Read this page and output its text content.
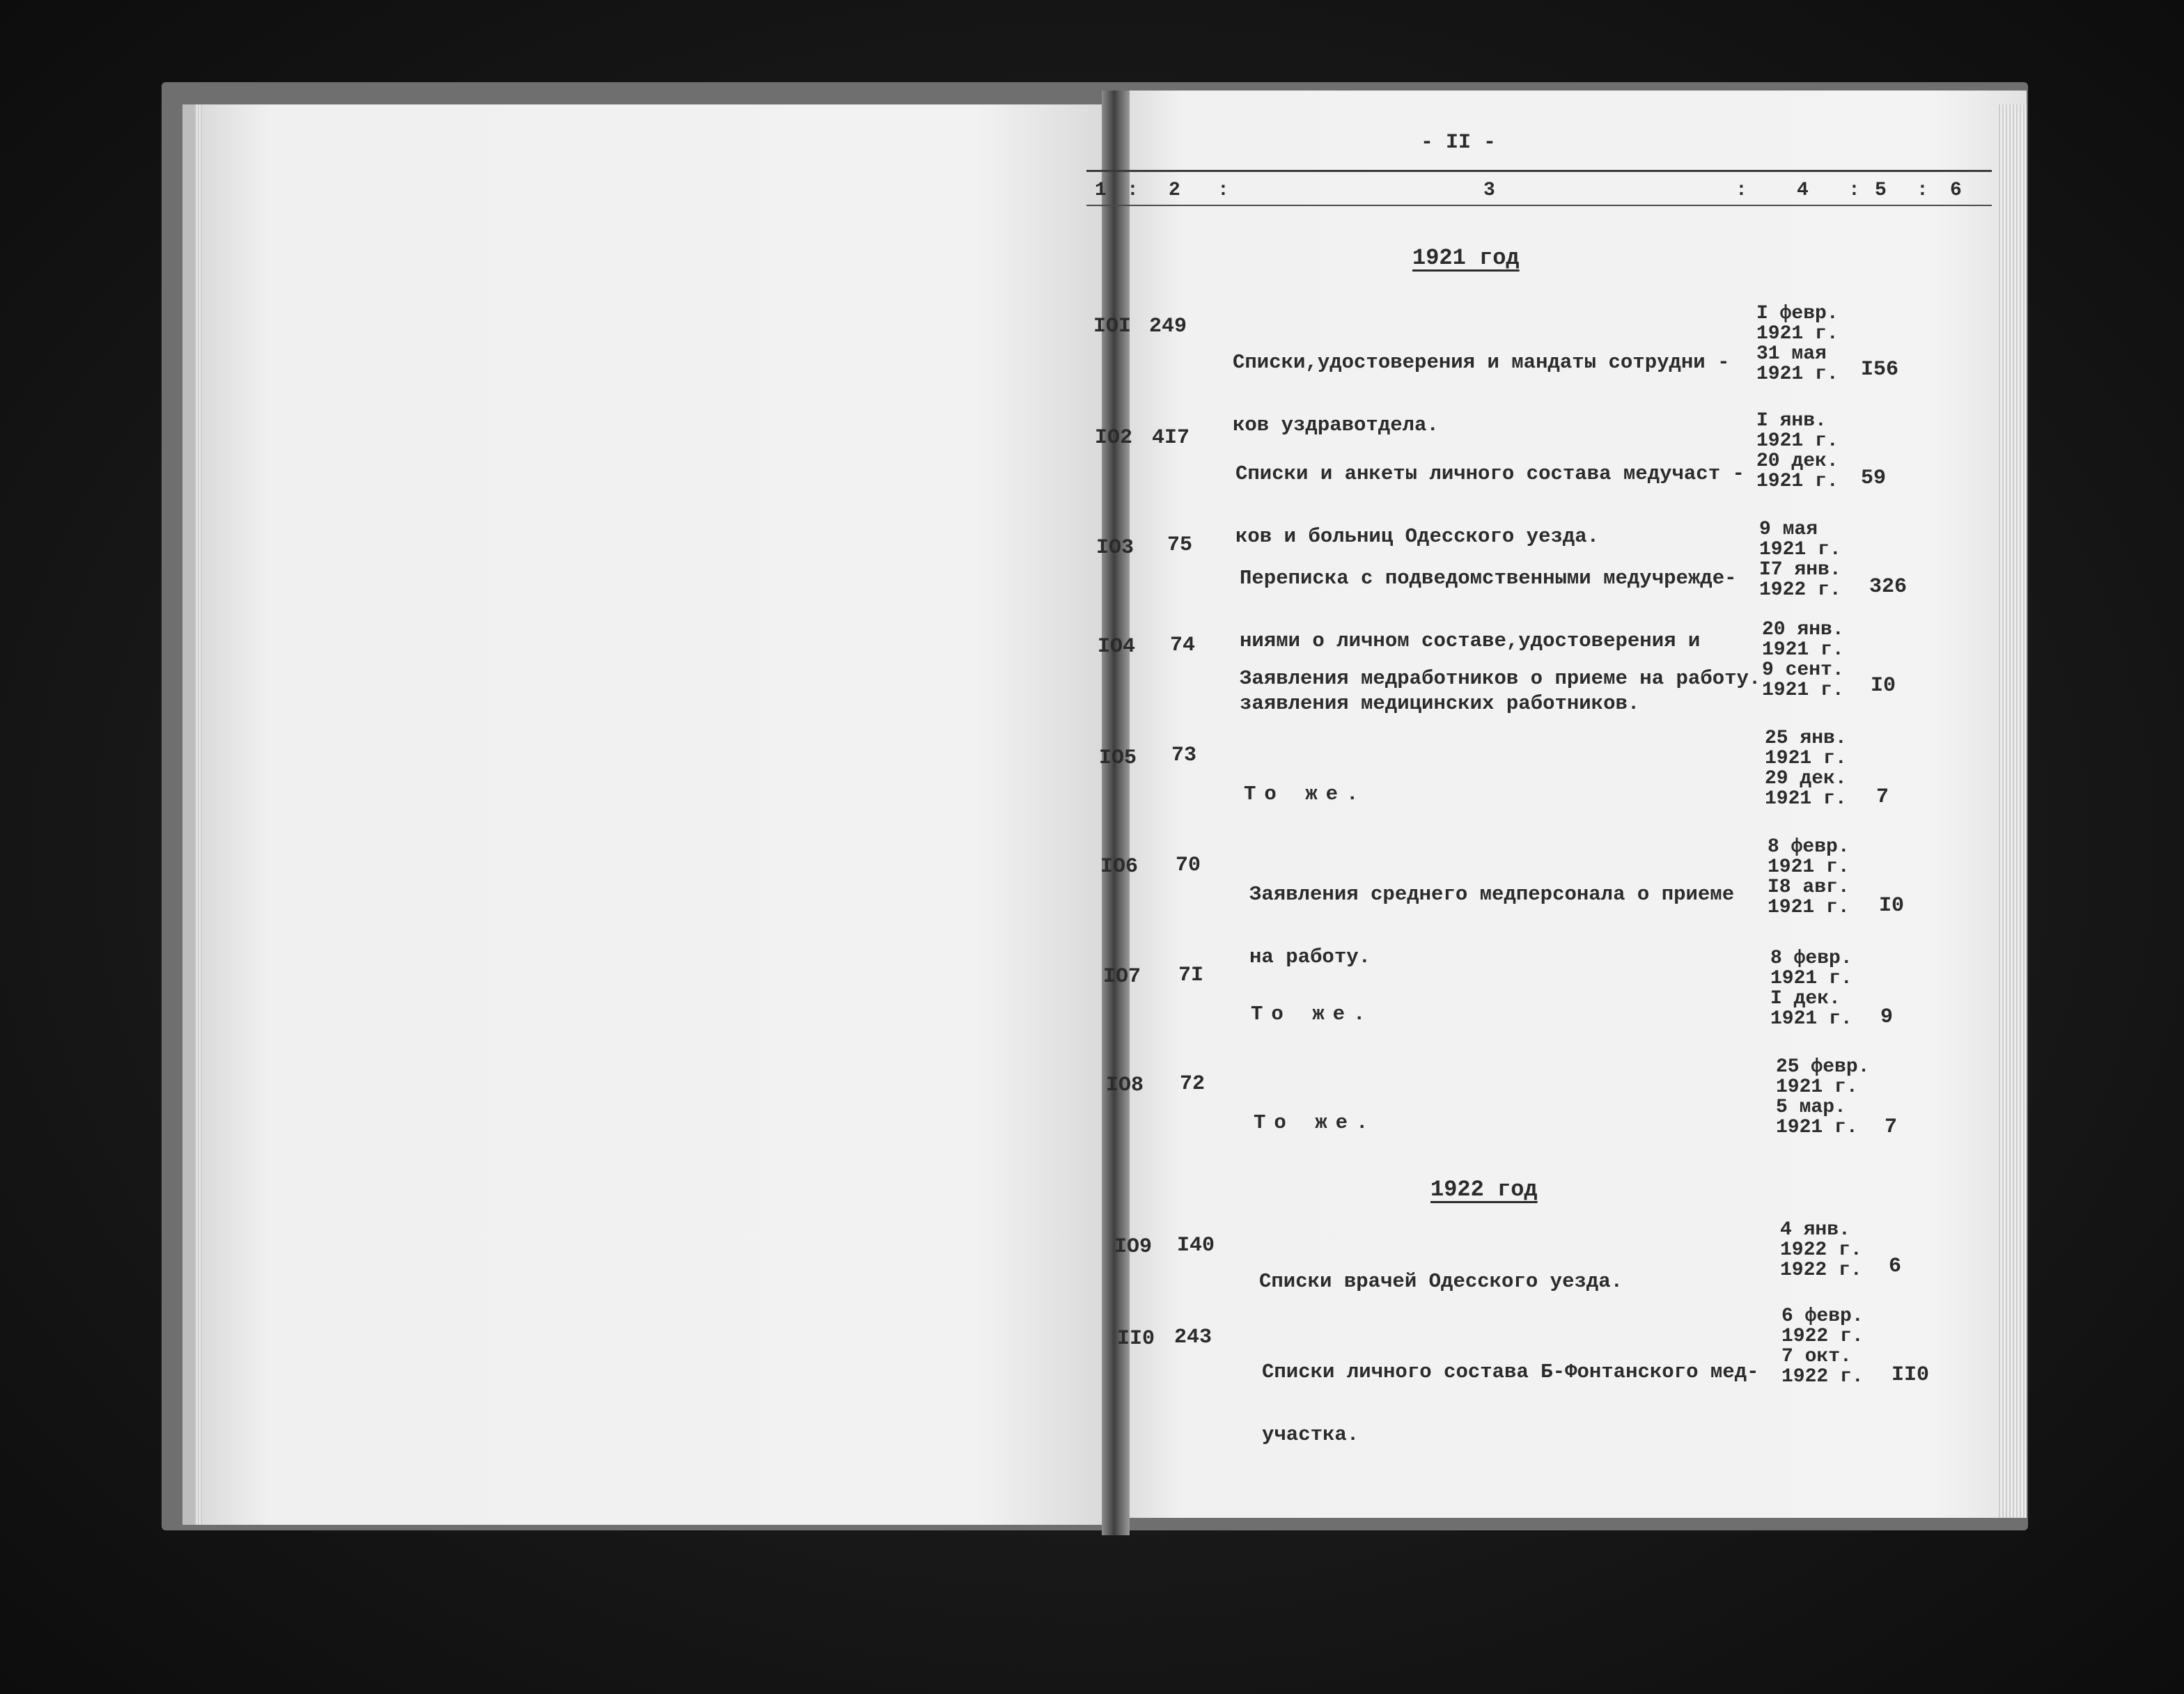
- II -
1 : 2 :	3	:	4 : 5 : 6
1921 год
IOI 249

Списки,удостоверения и мандаты сотрудни -

ков уздравотдела.

I февр.
1921 г.
31 мая
1921 г. I56
IO2 4I7

Списки и анкеты личного состава медучаст -

ков и больниц Одесского уезда.

I янв.
1921 г.
20 дек.
1921 г. 59
IO3 75

Переписка с подведомственными медучрежде-

ниями о личном составе,удостоверения и

заявления медицинских работников.

9 мая
1921 г.
I7 янв.
1922 г. 326
IO4 74

Заявления медработников о приеме на работу.

20 янв.
1921 г.
9 сент.
1921 г. I0
IO5 73

То же.

25 янв.
1921 г.
29 дек.
1921 г. 7
IO6 70

Заявления среднего медперсонала о приеме

на работу.

8 февр.
1921 г.
I8 авг.
1921 г. I0
IO7 7I

То же.

8 февр.
1921 г.
I дек.
1921 г. 9
IO8 72

То же.

25 февр.
1921 г.
5 мар.
1921 г.	7
1922 год
IO9 I40

Списки врачей Одесского уезда.

4 янв.
1922 г.
1922 г. 6
II0 243

Списки личного состава Б-Фонтанского мед-

участка.

6 февр.
1922 г.
7 окт.
1922 г. II0
